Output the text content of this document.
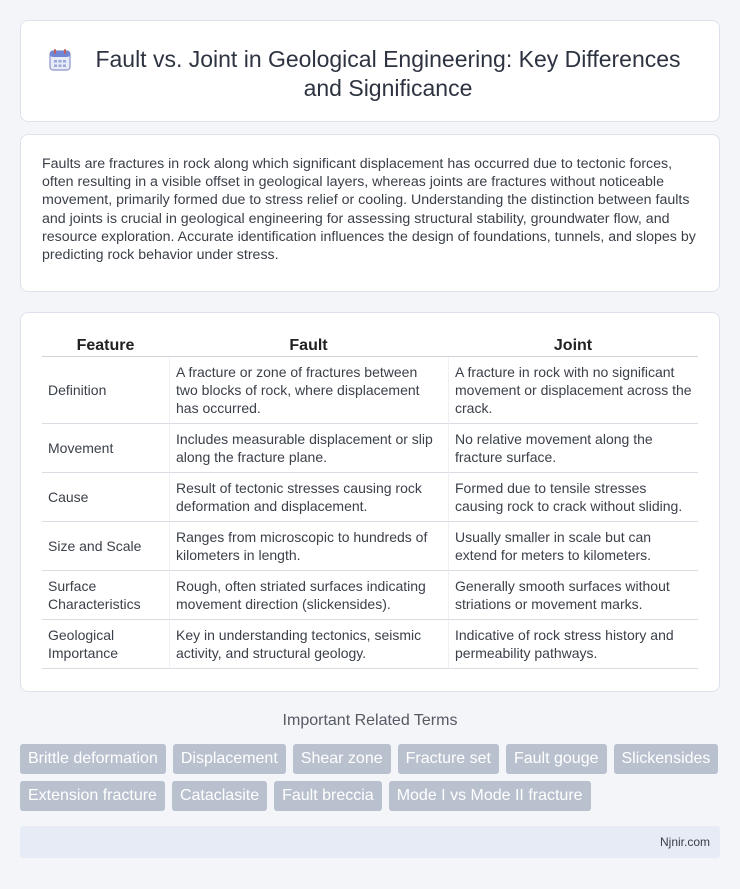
Fault vs. Joint in Geological Engineering: Key Differences and Significance

Faults are fractures in rock along which significant displacement has occurred due to tectonic forces, often resulting in a visible offset in geological layers, whereas joints are fractures without noticeable movement, primarily formed due to stress relief or cooling. Understanding the distinction between faults and joints is crucial in geological engineering for assessing structural stability, groundwater flow, and resource exploration. Accurate identification influences the design of foundations, tunnels, and slopes by predicting rock behavior under stress.

Feature	Fault	Joint
Definition	A fracture or zone of fractures between two blocks of rock, where displacement has occurred.	A fracture in rock with no significant movement or displacement across the crack.
Movement	Includes measurable displacement or slip along the fracture plane.	No relative movement along the fracture surface.
Cause	Result of tectonic stresses causing rock deformation and displacement.	Formed due to tensile stresses causing rock to crack without sliding.
Size and Scale	Ranges from microscopic to hundreds of kilometers in length.	Usually smaller in scale but can extend for meters to kilometers.
Surface Characteristics	Rough, often striated surfaces indicating movement direction (slickensides).	Generally smooth surfaces without striations or movement marks.
Geological Importance	Key in understanding tectonics, seismic activity, and structural geology.	Indicative of rock stress history and permeability pathways.
Important Related Terms
Brittle deformation	Displacement	Shear zone	Fracture set	Fault gouge	Slickensides
Extension fracture	Cataclasite	Fault breccia	Mode I vs Mode II fracture
Njnir.com
